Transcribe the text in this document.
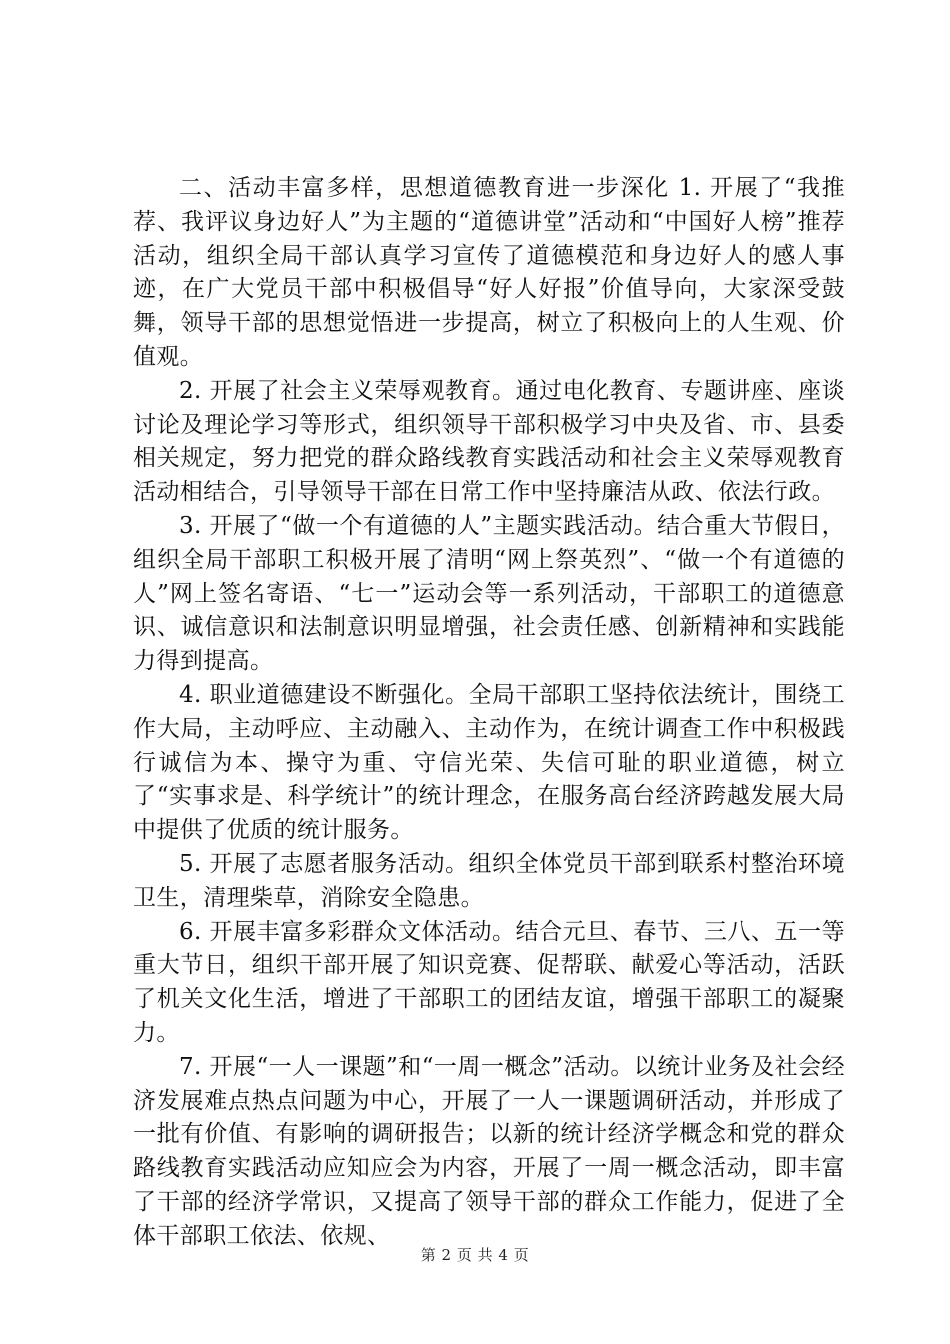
二、活动丰富多样，思想道德教育进一步深化 1. 开展了“我推荐、我评议身边好人”为主题的“道德讲堂”活动和“中国好人榜”推荐活动，组织全局干部认真学习宣传了道德模范和身边好人的感人事迹，在广大党员干部中积极倡导“好人好报”价值导向，大家深受鼓舞，领导干部的思想觉悟进一步提高，树立了积极向上的人生观、价值观。

2. 开展了社会主义荣辱观教育。通过电化教育、专题讲座、座谈讨论及理论学习等形式，组织领导干部积极学习中央及省、市、县委相关规定，努力把党的群众路线教育实践活动和社会主义荣辱观教育活动相结合，引导领导干部在日常工作中坚持廉洁从政、依法行政。

3. 开展了“做一个有道德的人”主题实践活动。结合重大节假日，组织全局干部职工积极开展了清明“网上祭英烈”、“做一个有道德的人”网上签名寄语、“七一”运动会等一系列活动，干部职工的道德意识、诚信意识和法制意识明显增强，社会责任感、创新精神和实践能力得到提高。

4. 职业道德建设不断强化。全局干部职工坚持依法统计，围绕工作大局，主动呼应、主动融入、主动作为，在统计调查工作中积极践行诚信为本、操守为重、守信光荣、失信可耻的职业道德，树立了“实事求是、科学统计”的统计理念，在服务高台经济跨越发展大局中提供了优质的统计服务。

5. 开展了志愿者服务活动。组织全体党员干部到联系村整治环境卫生，清理柴草，消除安全隐患。

6. 开展丰富多彩群众文体活动。结合元旦、春节、三八、五一等重大节日，组织干部开展了知识竞赛、促帮联、献爱心等活动，活跃了机关文化生活，增进了干部职工的团结友谊，增强干部职工的凝聚力。

7. 开展“一人一课题”和“一周一概念”活动。以统计业务及社会经济发展难点热点问题为中心，开展了一人一课题调研活动，并形成了一批有价值、有影响的调研报告；以新的统计经济学概念和党的群众路线教育实践活动应知应会为内容，开展了一周一概念活动，即丰富了干部的经济学常识，又提高了领导干部的群众工作能力，促进了全体干部职工依法、依规、

第 2 页 共 4 页
